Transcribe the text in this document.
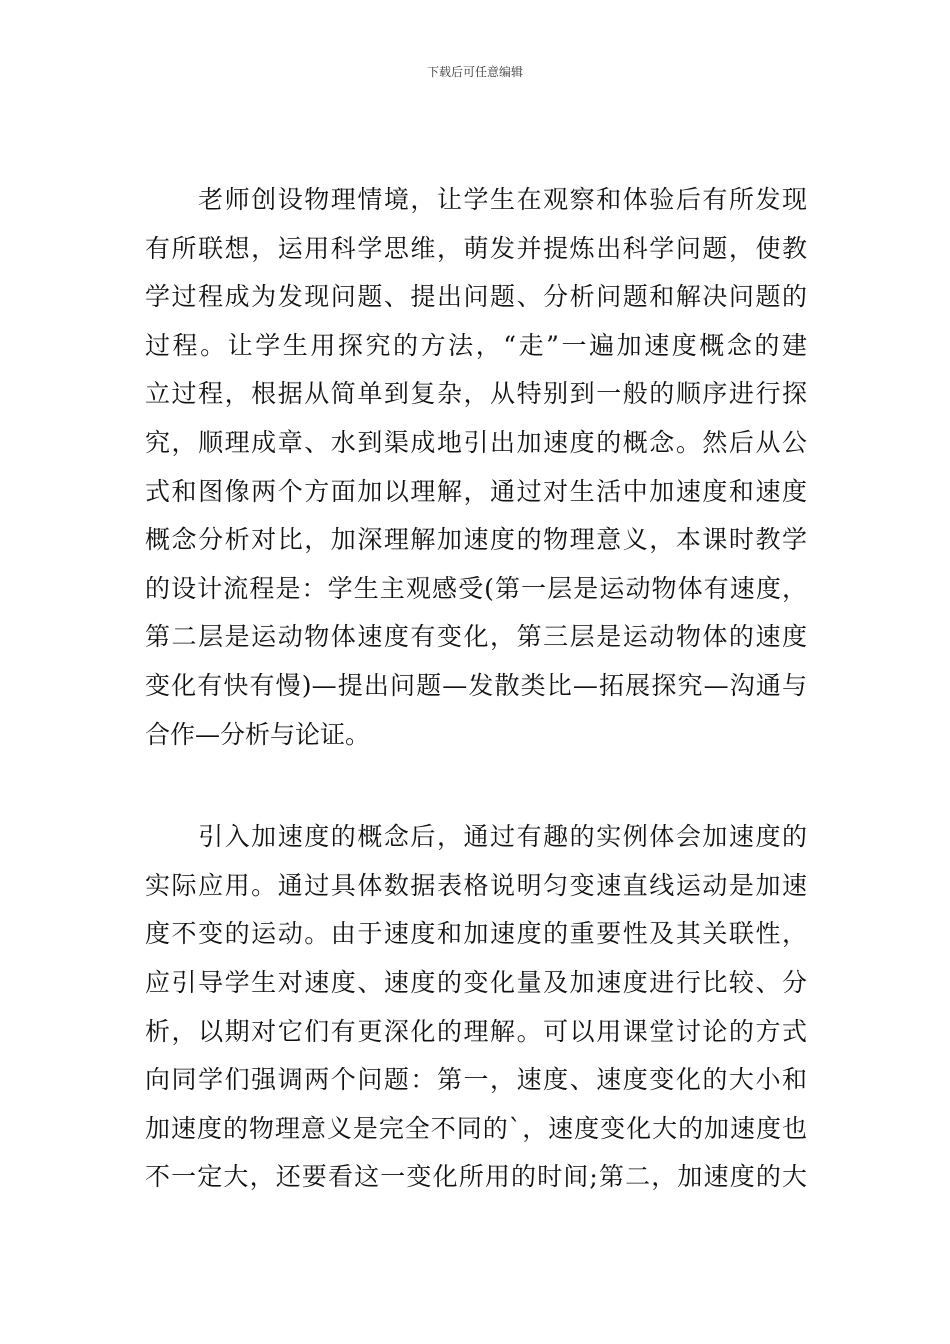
下载后可任意编辑
　　老师创设物理情境，让学生在观察和体验后有所发现
有所联想，运用科学思维，萌发并提炼出科学问题，使教
学过程成为发现问题、提出问题、分析问题和解决问题的
过程。让学生用探究的方法，“走”一遍加速度概念的建
立过程，根据从简单到复杂，从特别到一般的顺序进行探
究，顺理成章、水到渠成地引出加速度的概念。然后从公
式和图像两个方面加以理解，通过对生活中加速度和速度
概念分析对比，加深理解加速度的物理意义，本课时教学
的设计流程是：学生主观感受(第一层是运动物体有速度，
第二层是运动物体速度有变化，第三层是运动物体的速度
变化有快有慢)—提出问题—发散类比—拓展探究—沟通与
合作—分析与论证。
　　引入加速度的概念后，通过有趣的实例体会加速度的
实际应用。通过具体数据表格说明匀变速直线运动是加速
度不变的运动。由于速度和加速度的重要性及其关联性，
应引导学生对速度、速度的变化量及加速度进行比较、分
析，以期对它们有更深化的理解。可以用课堂讨论的方式
向同学们强调两个问题：第一，速度、速度变化的大小和
加速度的物理意义是完全不同的`，速度变化大的加速度也
不一定大，还要看这一变化所用的时间;第二，加速度的大
